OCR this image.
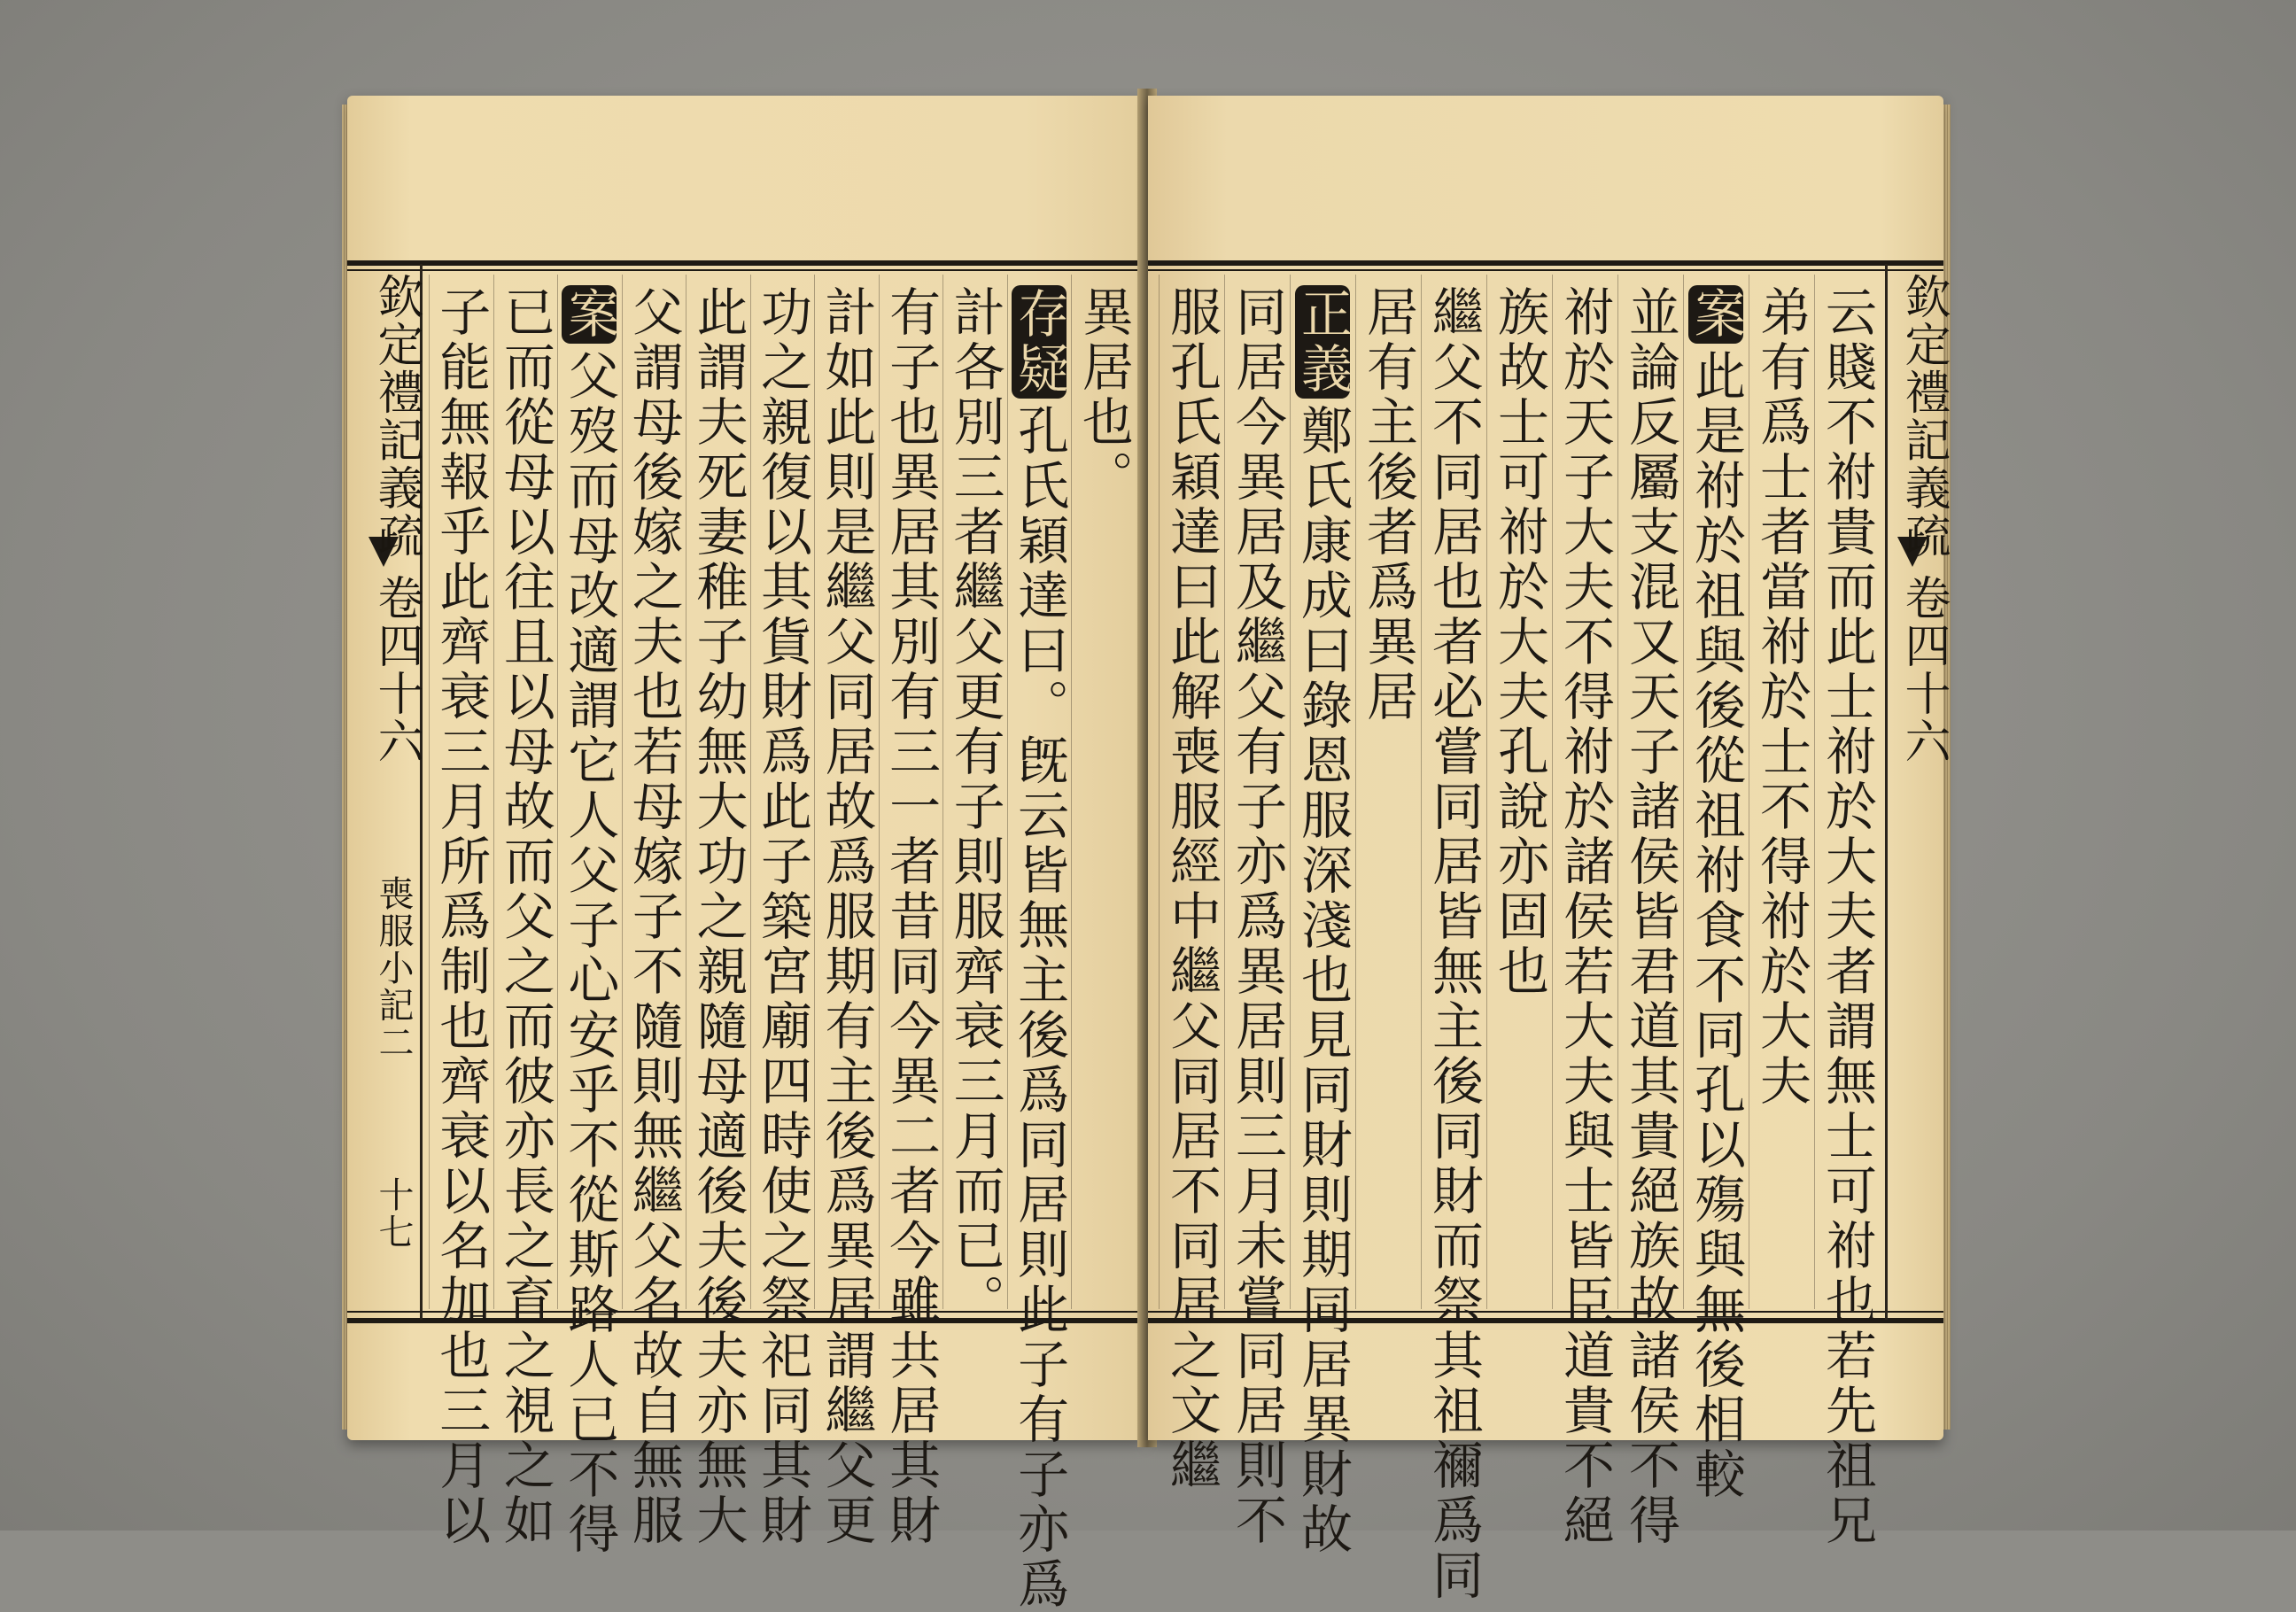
欽定禮記義疏
卷四十六
喪服小記二
十七
異居也。
存疑孔氏穎達曰。旣云皆無主後爲同居則此子有子亦爲
計各別三者繼父更有子則服齊衰三月而已。
有子也異居其別有三一者昔同今異二者今雖共居其財
計如此則是繼父同居故爲服期有主後爲異居謂繼父更
功之親復以其貨財爲此子築宮廟四時使之祭祀同其財
此謂夫死妻稚子幼無大功之親隨母適後夫後夫亦無大
父謂母後嫁之夫也若母嫁子不隨則無繼父名故自無服
案父歿而母改適謂它人父子心安乎不從斯路人已不得
已而從母以往且以母故而父之而彼亦長之育之視之如
子能無報乎此齊衰三月所爲制也齊衰以名加也三月以	欽定禮記義疏
卷四十六
云賤不祔貴而此士祔於大夫者謂無士可祔也若先祖兄
弟有爲士者當祔於士不得祔於大夫
案此是祔於祖與後從祖祔食不同孔以殤與無後相較
並論反屬支混又天子諸侯皆君道其貴絕族故諸侯不得
祔於天子大夫不得祔於諸侯若大夫與士皆臣道貴不絕
族故士可祔於大夫孔說亦固也
繼父不同居也者必嘗同居皆無主後同財而祭其祖禰爲同
居有主後者爲異居
正義鄭氏康成曰錄恩服深淺也見同財則期同居異財故
同居今異居及繼父有子亦爲異居則三月未嘗同居則不
服孔氏穎達曰此解喪服經中繼父同居不同居之文繼
